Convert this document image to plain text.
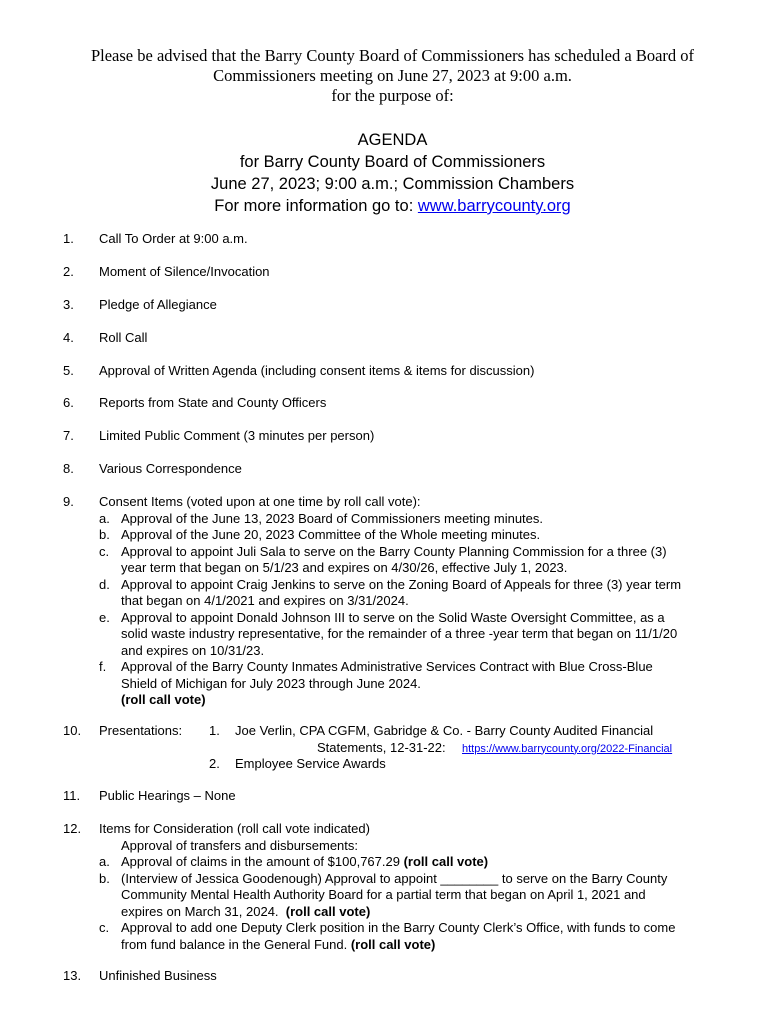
Please be advised that the Barry County Board of Commissioners has scheduled a Board of
Commissioners meeting on June 27, 2023 at 9:00 a.m.
for the purpose of:
AGENDA
for Barry County Board of Commissioners
June 27, 2023; 9:00 a.m.; Commission Chambers
For more information go to: www.barrycounty.org
1. Call To Order at 9:00 a.m.
2. Moment of Silence/Invocation
3. Pledge of Allegiance
4. Roll Call
5. Approval of Written Agenda (including consent items & items for discussion)
6. Reports from State and County Officers
7. Limited Public Comment (3 minutes per person)
8. Various Correspondence
9. Consent Items (voted upon at one time by roll call vote):
a. Approval of the June 13, 2023 Board of Commissioners meeting minutes.
b. Approval of the June 20, 2023 Committee of the Whole meeting minutes.
c. Approval to appoint Juli Sala to serve on the Barry County Planning Commission for a three (3)
year term that began on 5/1/23 and expires on 4/30/26, effective July 1, 2023.
d. Approval to appoint Craig Jenkins to serve on the Zoning Board of Appeals for three (3) year term
that began on 4/1/2021 and expires on 3/31/2024.
e. Approval to appoint Donald Johnson III to serve on the Solid Waste Oversight Committee, as a
solid waste industry representative, for the remainder of a three -year term that began on 11/1/20
and expires on 10/31/23.
f. Approval of the Barry County Inmates Administrative Services Contract with Blue Cross-Blue
Shield of Michigan for July 2023 through June 2024.
(roll call vote)
10. Presentations:	1. Joe Verlin, CPA CGFM, Gabridge & Co. - Barry County Audited Financial
Statements, 12-31-22: https://www.barrycounty.org/2022-Financial
2. Employee Service Awards
11. Public Hearings – None
12. Items for Consideration (roll call vote indicated)
Approval of transfers and disbursements:
a. Approval of claims in the amount of $100,767.29 (roll call vote)
b. (Interview of Jessica Goodenough) Approval to appoint ________ to serve on the Barry County
Community Mental Health Authority Board for a partial term that began on April 1, 2021 and
expires on March 31, 2024.  (roll call vote)
c. Approval to add one Deputy Clerk position in the Barry County Clerk’s Office, with funds to come
from fund balance in the General Fund. (roll call vote)
13. Unfinished Business
